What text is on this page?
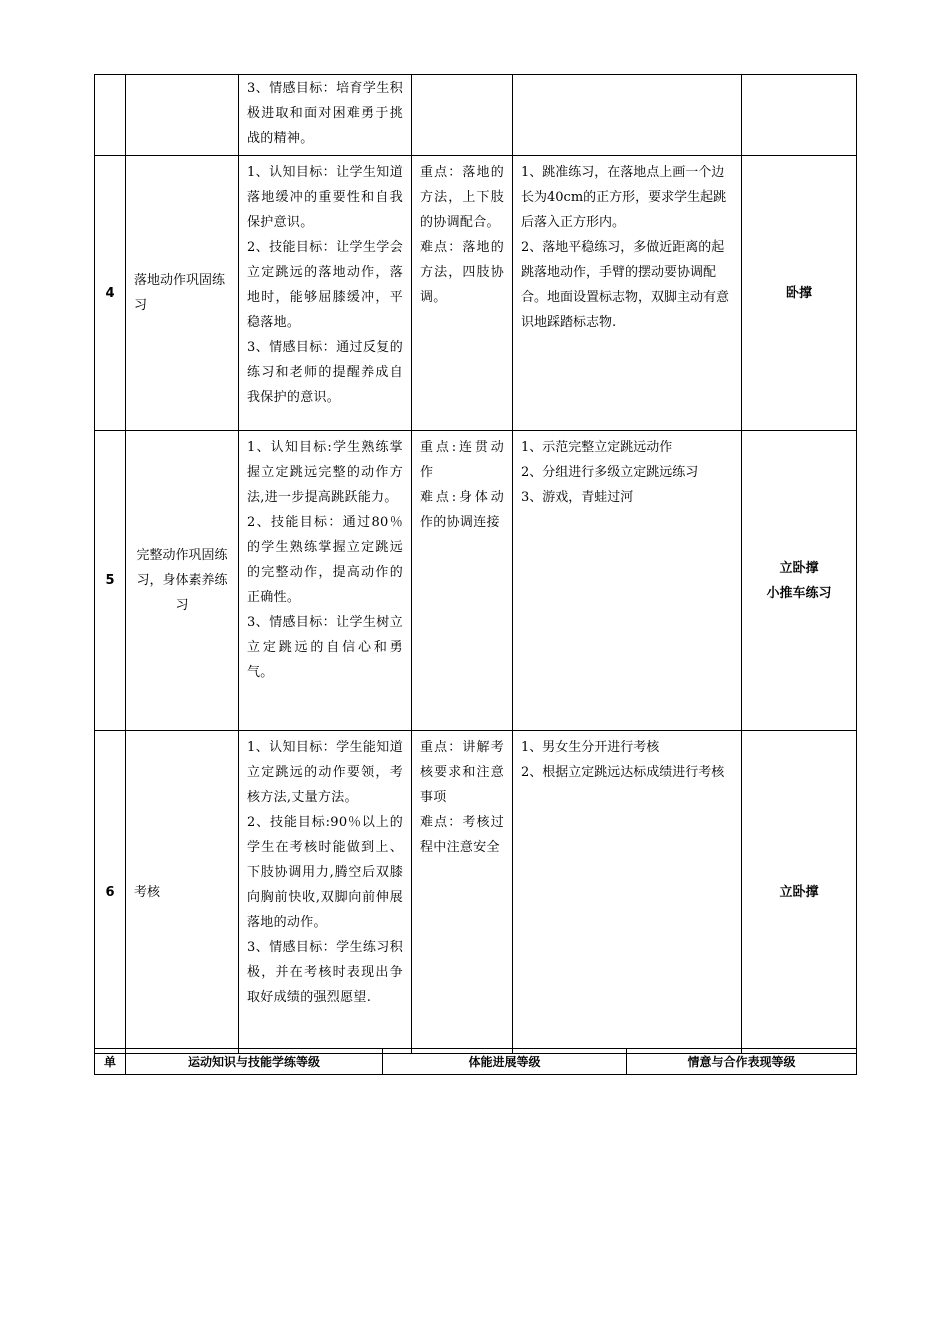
		3、情感目标：培育学生积极进取和面对困难勇于挑战的精神。			

4	落地动作巩固练习	1、认知目标：让学生知道落地缓冲的重要性和自我保护意识。
2、技能目标：让学生学会立定跳远的落地动作，落地时，能够屈膝缓冲，平稳落地。
3、情感目标：通过反复的练习和老师的提醒养成自我保护的意识。	重点：落地的方法，上下肢的协调配合。
难点：落地的方法，四肢协调。	1、跳准练习，在落地点上画一个边长为40cm的正方形，要求学生起跳后落入正方形内。
2、落地平稳练习，多做近距离的起跳落地动作，手臂的摆动要协调配合。地面设置标志物，双脚主动有意识地踩踏标志物.	卧撑

5	完整动作巩固练习，身体素养练习	1、认知目标:学生熟练掌握立定跳远完整的动作方法,进一步提高跳跃能力。
2、技能目标：通过80％的学生熟练掌握立定跳远的完整动作，提高动作的正确性。
3、情感目标：让学生树立立定跳远的自信心和勇气。	重点:连贯动作
难点:身体动作的协调连接	1、示范完整立定跳远动作
2、分组进行多级立定跳远练习
3、游戏，青蛙过河	立卧撑
小推车练习

6	考核	1、认知目标：学生能知道立定跳远的动作要领，考核方法,丈量方法。
2、技能目标:90％以上的学生在考核时能做到上、下肢协调用力,腾空后双膝向胸前快收,双脚向前伸展落地的动作。
3、情感目标：学生练习积极，并在考核时表现出争取好成绩的强烈愿望.	重点：讲解考核要求和注意事项
难点：考核过程中注意安全	1、男女生分开进行考核
2、根据立定跳远达标成绩进行考核	立卧撑
单	运动知识与技能学练等级	体能进展等级	情意与合作表现等级
